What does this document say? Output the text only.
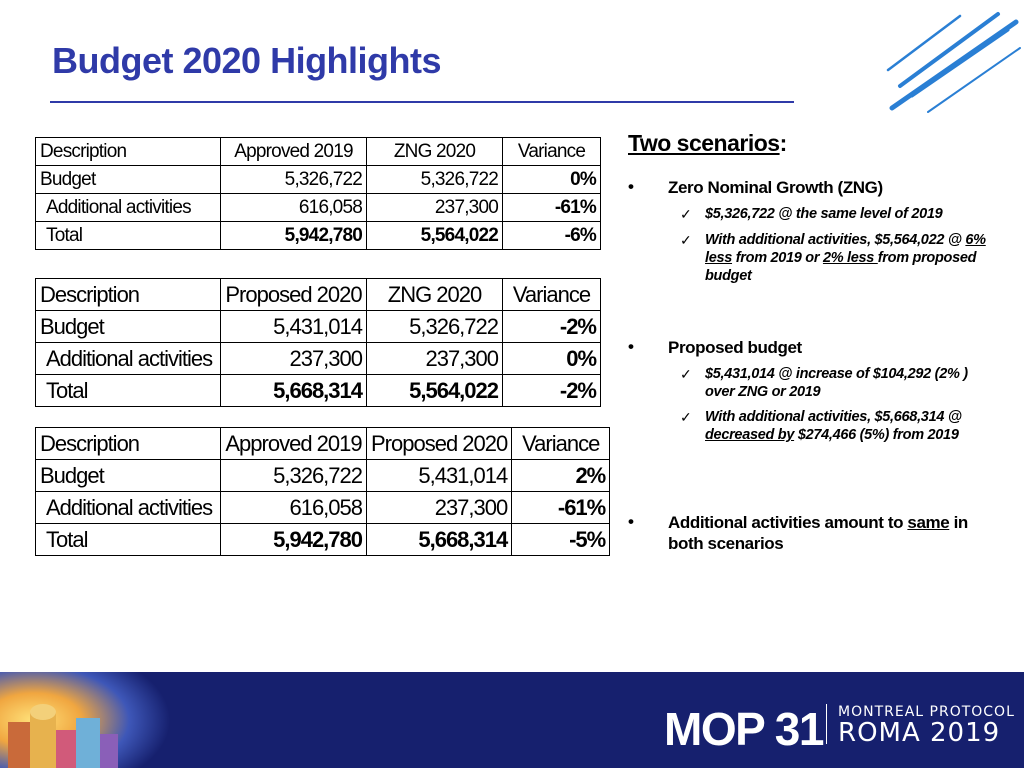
Budget 2020 Highlights
Description	Approved 2019	ZNG 2020	Variance
Budget	5,326,722	5,326,722	0%
Additional activities	616,058	237,300	-61%
Total	5,942,780	5,564,022	-6%
Description	Proposed 2020	ZNG 2020	Variance
Budget	5,431,014	5,326,722	-2%
Additional activities	237,300	237,300	0%
Total	5,668,314	5,564,022	-2%
Description	Approved 2019	Proposed 2020	Variance
Budget	5,326,722	5,431,014	2%
Additional activities	616,058	237,300	-61%
Total	5,942,780	5,668,314	-5%
Two scenarios:
• Zero Nominal Growth (ZNG)
✓ $5,326,722 @ the same level of 2019
✓ With additional activities, $5,564,022 @ 6% less from 2019 or 2% less from proposed budget
• Proposed budget
✓ $5,431,014 @ increase of $104,292 (2% ) over ZNG or 2019
✓ With additional activities, $5,668,314 @ decreased by $274,466 (5%) from 2019
• Additional activities amount to same in both scenarios
MOP 31 MONTREAL PROTOCOL
ROMA 2019
